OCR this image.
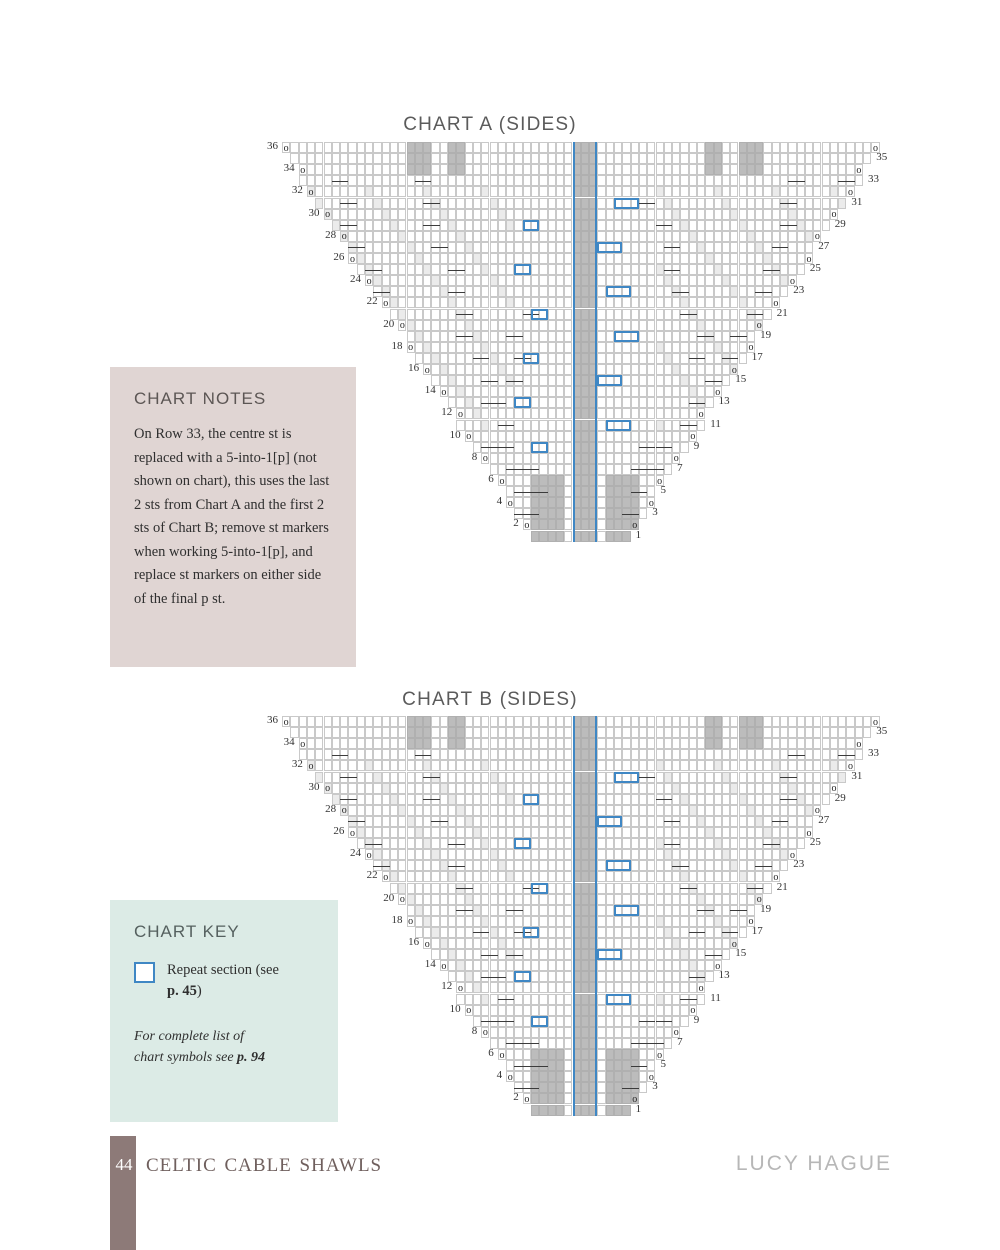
CHART A (SIDES)
o	o
o	o
o	o
o	o
o	o
o	o
o	o
o	o
o	o
o	o
o	o
o	o
o	o
o	o
o	o
o	o
o	o
o	o
36
34
32
30
28
26
24
22
20
18
16
14
12
10
8
6
4
2
35
33
31
29
27
25
23
21
19
17
15
13
11
9
7
5
3
1
CHART NOTES

On Row 33, the centre st is replaced with a 5-into-1[p] (not shown on chart), this uses the last 2 sts from Chart A and the first 2 sts of Chart B; remove st markers when working 5-into-1[p], and replace st markers on either side of the final p st.

CHART B (SIDES)
o	o
o	o
o	o
o	o
o	o
o	o
o	o
o	o
o	o
o	o
o	o
o	o
o	o
o	o
o	o
o	o
o	o
o	o
36
34
32
30
28
26
24
22
20
18
16
14
12
10
8
6
4
2
35
33
31
29
27
25
23
21
19
17
15
13
11
9
7
5
3
1
CHART KEY
Repeat section (see
p. 45)
For complete list of
chart symbols see p. 94
44 celtic cable shawls	LUCY HAGUE
